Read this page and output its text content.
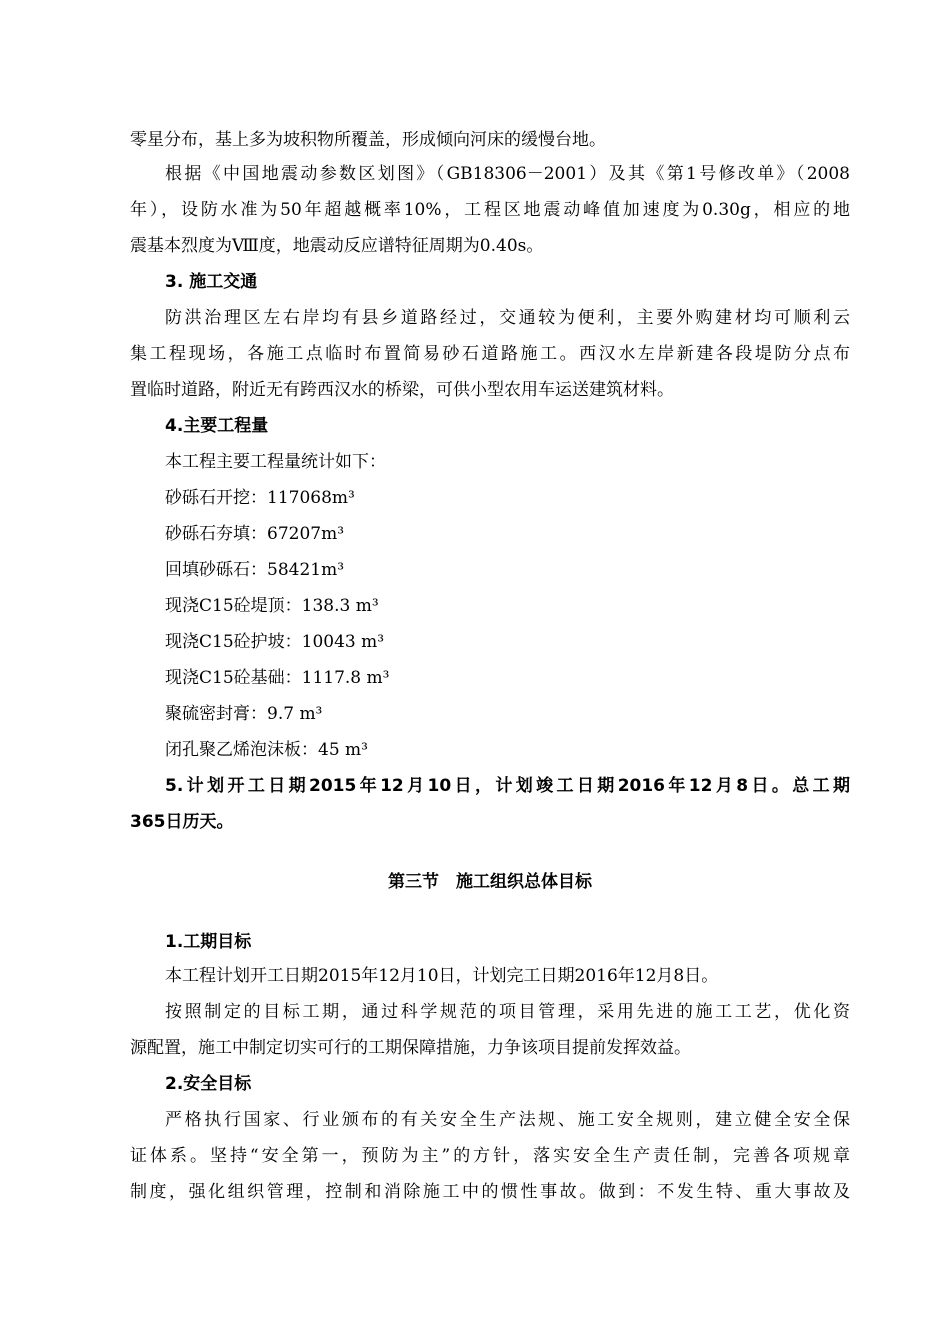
零星分布，基上多为坡积物所覆盖，形成倾向河床的缓慢台地。
根据《中国地震动参数区划图》（GB18306－2001）及其《第1号修改单》（2008
年），设防水准为50年超越概率10%，工程区地震动峰值加速度为0.30g，相应的地
震基本烈度为Ⅷ度，地震动反应谱特征周期为0.40s。
3. 施工交通
防洪治理区左右岸均有县乡道路经过，交通较为便利，主要外购建材均可顺利云
集工程现场，各施工点临时布置简易砂石道路施工。西汉水左岸新建各段堤防分点布
置临时道路，附近无有跨西汉水的桥梁，可供小型农用车运送建筑材料。
4.主要工程量
本工程主要工程量统计如下：
砂砾石开挖：117068m³
砂砾石夯填：67207m³
回填砂砾石：58421m³
现浇C15砼堤顶：138.3 m³
现浇C15砼护坡：10043 m³
现浇C15砼基础：1117.8 m³
聚硫密封膏：9.7 m³
闭孔聚乙烯泡沫板：45 m³
5.计划开工日期2015年12月10日，计划竣工日期2016年12月8日。总工期
365日历天。
第三节　施工组织总体目标
1.工期目标
本工程计划开工日期2015年12月10日，计划完工日期2016年12月8日。
按照制定的目标工期，通过科学规范的项目管理，采用先进的施工工艺，优化资
源配置，施工中制定切实可行的工期保障措施，力争该项目提前发挥效益。
2.安全目标
严格执行国家、行业颁布的有关安全生产法规、施工安全规则，建立健全安全保
证体系。坚持“安全第一，预防为主”的方针，落实安全生产责任制，完善各项规章
制度，强化组织管理，控制和消除施工中的惯性事故。做到：不发生特、重大事故及
